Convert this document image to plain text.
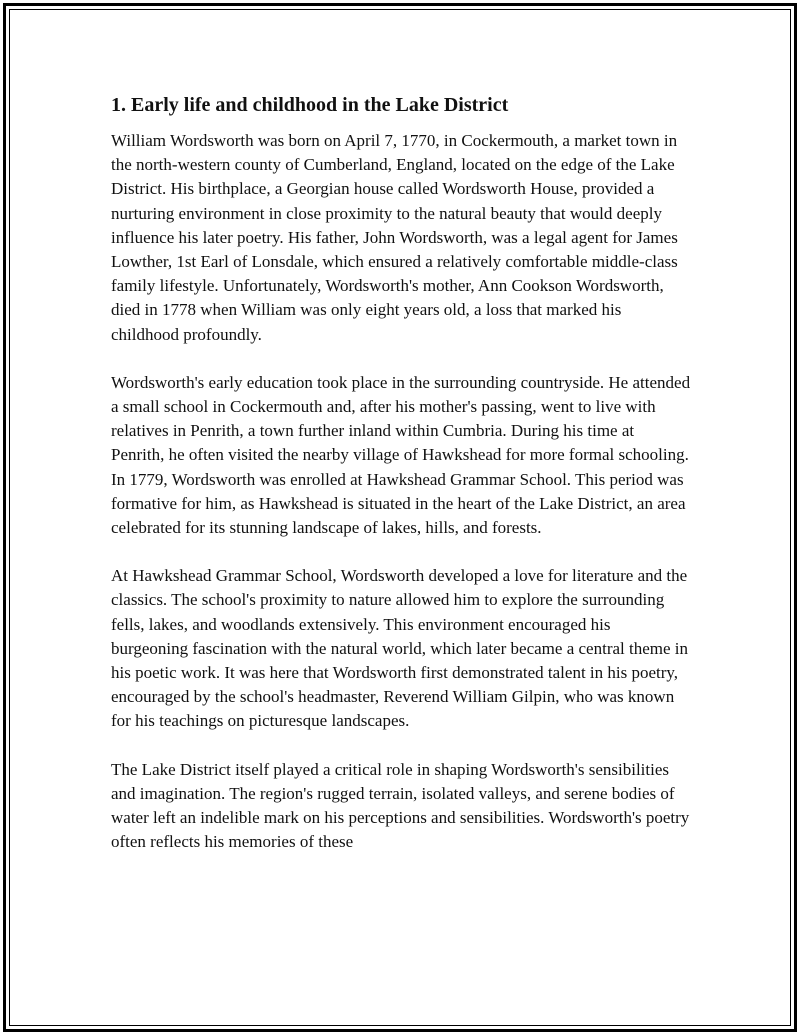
1. Early life and childhood in the Lake District

William Wordsworth was born on April 7, 1770, in Cockermouth, a market town in the north-western county of Cumberland, England, located on the edge of the Lake District. His birthplace, a Georgian house called Wordsworth House, provided a nurturing environment in close proximity to the natural beauty that would deeply influence his later poetry. His father, John Wordsworth, was a legal agent for James Lowther, 1st Earl of Lonsdale, which ensured a relatively comfortable middle-class family lifestyle. Unfortunately, Wordsworth's mother, Ann Cookson Wordsworth, died in 1778 when William was only eight years old, a loss that marked his childhood profoundly.

Wordsworth's early education took place in the surrounding countryside. He attended a small school in Cockermouth and, after his mother's passing, went to live with relatives in Penrith, a town further inland within Cumbria. During his time at Penrith, he often visited the nearby village of Hawkshead for more formal schooling. In 1779, Wordsworth was enrolled at Hawkshead Grammar School. This period was formative for him, as Hawkshead is situated in the heart of the Lake District, an area celebrated for its stunning landscape of lakes, hills, and forests.

At Hawkshead Grammar School, Wordsworth developed a love for literature and the classics. The school's proximity to nature allowed him to explore the surrounding fells, lakes, and woodlands extensively. This environment encouraged his burgeoning fascination with the natural world, which later became a central theme in his poetic work. It was here that Wordsworth first demonstrated talent in his poetry, encouraged by the school's headmaster, Reverend William Gilpin, who was known for his teachings on picturesque landscapes.

The Lake District itself played a critical role in shaping Wordsworth's sensibilities and imagination. The region's rugged terrain, isolated valleys, and serene bodies of water left an indelible mark on his perceptions and sensibilities. Wordsworth's poetry often reflects his memories of these
